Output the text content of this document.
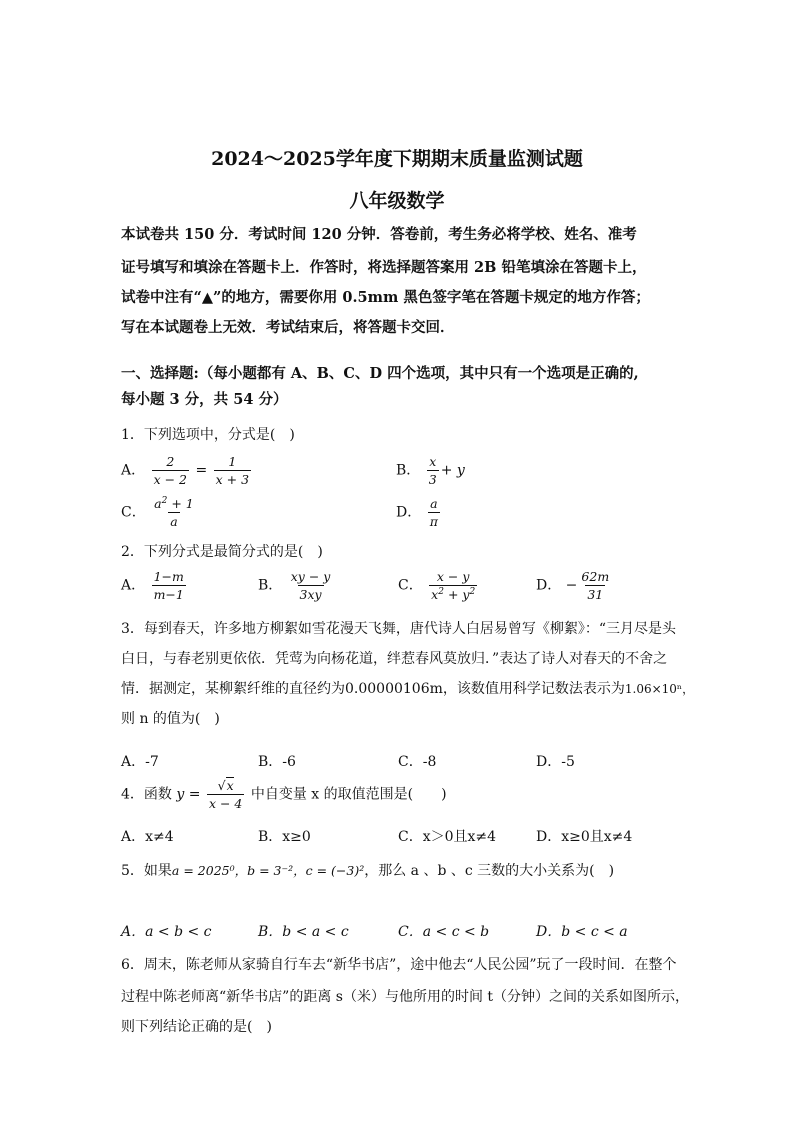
2024～2025学年度下期期末质量监测试题
八年级数学
本试卷共 150 分．考试时间 120 分钟．答卷前，考生务必将学校、姓名、准考
证号填写和填涂在答题卡上．作答时，将选择题答案用 2B 铅笔填涂在答题卡上，
试卷中注有“▲”的地方，需要你用 0.5mm 黑色签字笔在答题卡规定的地方作答；
写在本试题卷上无效．考试结束后，将答题卡交回．
一、选择题:（每小题都有 A、B、C、D 四个选项，其中只有一个选项是正确的,
每小题 3 分，共 54 分）
1．下列选项中，分式是(　)
A． $\frac{2}{x - 2} = \frac{1}{x + 3}$	B． $\frac{x}{3} + y$
C． $\frac{a^2 + 1}{a}$	D． $\frac{a}{\pi}$
2．下列分式是最简分式的是(　)
A． $\frac{1-m}{m-1}$	B． $\frac{xy - y}{3xy}$	C． $\frac{x - y}{x^2 + y^2}$	D． − $\frac{62m}{31}$
3．每到春天，许多地方柳絮如雪花漫天飞舞，唐代诗人白居易曾写《柳絮》：“三月尽是头
白日，与春老别更依依．凭莺为向杨花道，绊惹春风莫放归．”表达了诗人对春天的不舍之
情．据测定，某柳絮纤维的直径约为0.00000106m，该数值用科学记数法表示为1.06×10ⁿ，
则 n 的值为(　)
A．-7	B．-6	C．-8	D．-5
4．函数 $y = \frac{√x}{x - 4}$ 中自变量 x 的取值范围是(　　)
A．x≠4	B．x≥0	C．x＞0且x≠4	D．x≥0且x≠4
5．如果a = 2025⁰，b = 3⁻²，c = (−3)²，那么 a 、b 、c 三数的大小关系为(　)
A．a < b < c	B．b < a < c	C．a < c < b	D．b < c < a
6．周末，陈老师从家骑自行车去“新华书店”，途中他去“人民公园”玩了一段时间．在整个
过程中陈老师离“新华书店”的距离 s（米）与他所用的时间 t（分钟）之间的关系如图所示，
则下列结论正确的是(　)
